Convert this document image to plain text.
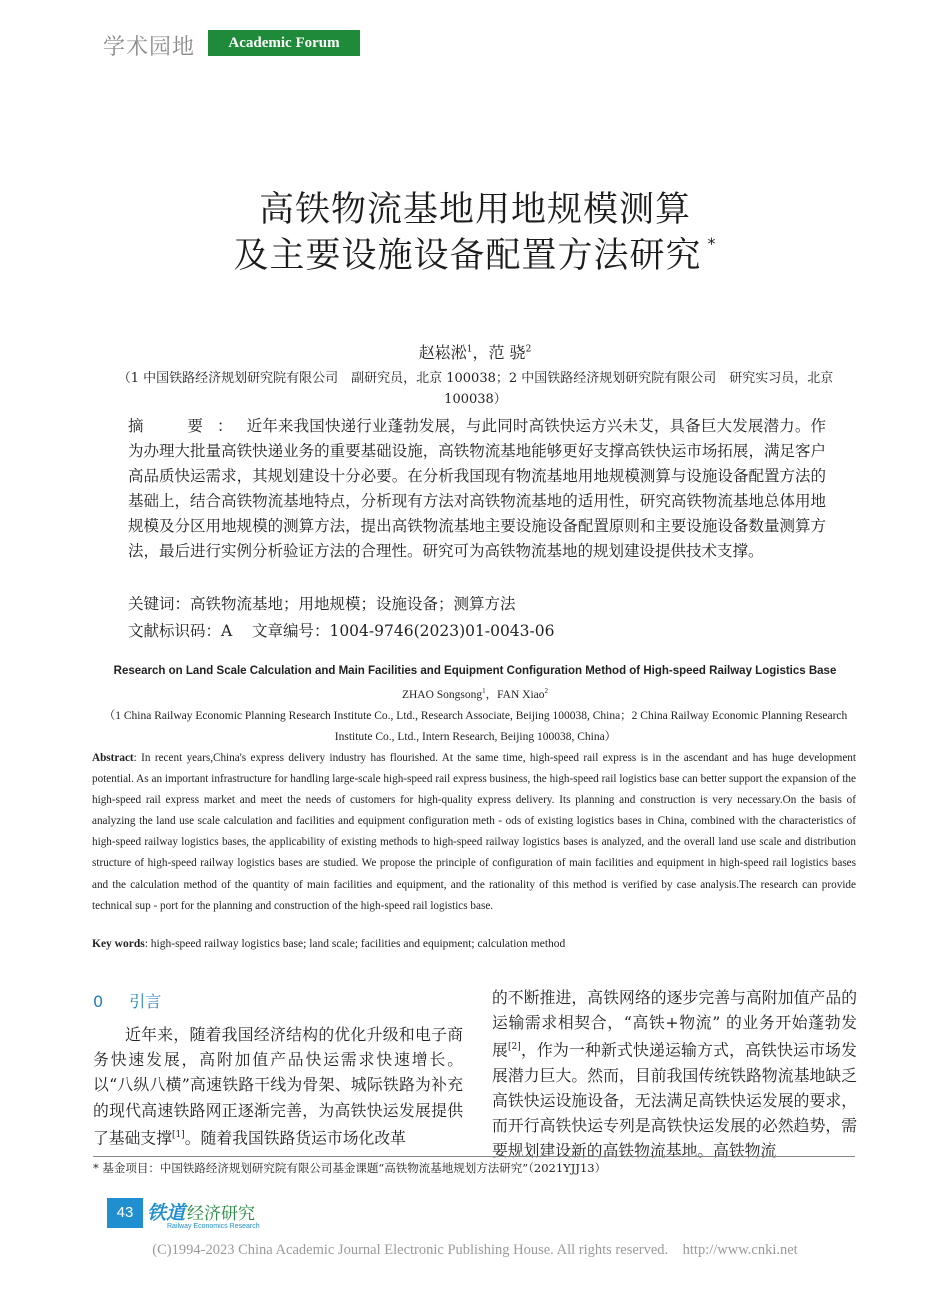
学术园地	Academic Forum
高铁物流基地用地规模测算
及主要设施设备配置方法研究 *
赵崧淞$^1$，范 骁$^2$
（1 中国铁路经济规划研究院有限公司　副研究员，北京 100038；2 中国铁路经济规划研究院有限公司　研究实习员，北京 100038）
摘　要：近年来我国快递行业蓬勃发展，与此同时高铁快运方兴未艾，具备巨大发展潜力。作为办理大批量高铁快递业务的重要基础设施，高铁物流基地能够更好支撑高铁快运市场拓展，满足客户高品质快运需求，其规划建设十分必要。在分析我国现有物流基地用地规模测算与设施设备配置方法的基础上，结合高铁物流基地特点，分析现有方法对高铁物流基地的适用性，研究高铁物流基地总体用地规模及分区用地规模的测算方法，提出高铁物流基地主要设施设备配置原则和主要设施设备数量测算方法，最后进行实例分析验证方法的合理性。研究可为高铁物流基地的规划建设提供技术支撑。
关键词：高铁物流基地；用地规模；设施设备；测算方法
文献标识码：A 文章编号：1004-9746(2023)01-0043-06
Research on Land Scale Calculation and Main Facilities and Equipment Configuration Method of High-speed Railway Logistics Base
ZHAO Songsong$^1$，FAN Xiao$^2$
（1 China Railway Economic Planning Research Institute Co., Ltd., Research Associate, Beijing 100038, China；2 China Railway Economic Planning Research Institute Co., Ltd., Intern Research, Beijing 100038, China）
Abstract: In recent years,China's express delivery industry has flourished. At the same time, high-speed rail express is in the ascendant and has huge development potential. As an important infrastructure for handling large-scale high-speed rail express business, the high-speed rail logistics base can better support the expansion of the high-speed rail express market and meet the needs of customers for high-quality express delivery. Its planning and construction is very necessary.On the basis of analyzing the land use scale calculation and facilities and equipment configuration meth - ods of existing logistics bases in China, combined with the characteristics of high-speed railway logistics bases, the applicability of existing methods to high-speed railway logistics bases is analyzed, and the overall land use scale and distribution structure of high-speed railway logistics bases are studied. We propose the principle of configuration of main facilities and equipment in high-speed rail logistics bases and the calculation method of the quantity of main facilities and equipment, and the rationality of this method is verified by case analysis.The research can provide technical sup - port for the planning and construction of the high-speed rail logistics base.
Key words: high-speed railway logistics base; land scale; facilities and equipment; calculation method
0 引言
近年来，随着我国经济结构的优化升级和电子商务快速发展，高附加值产品快运需求快速增长。以“八纵八横”高速铁路干线为骨架、城际铁路为补充的现代高速铁路网正逐渐完善，为高铁快运发展提供了基础支撑[1]。随着我国铁路货运市场化改革
的不断推进，高铁网络的逐步完善与高附加值产品的运输需求相契合，“高铁+物流” 的业务开始蓬勃发展[2]，作为一种新式快递运输方式，高铁快运市场发展潜力巨大。然而，目前我国传统铁路物流基地缺乏高铁快运设施设备，无法满足高铁快运发展的要求，而开行高铁快运专列是高铁快运发展的必然趋势，需要规划建设新的高铁物流基地。高铁物流
* 基金项目：中国铁路经济规划研究院有限公司基金课题“高铁物流基地规划方法研究”（2021YJJ13）
43 铁道 经济研究
Railway Economics Research
(C)1994-2023 China Academic Journal Electronic Publishing House. All rights reserved.    http://www.cnki.net
